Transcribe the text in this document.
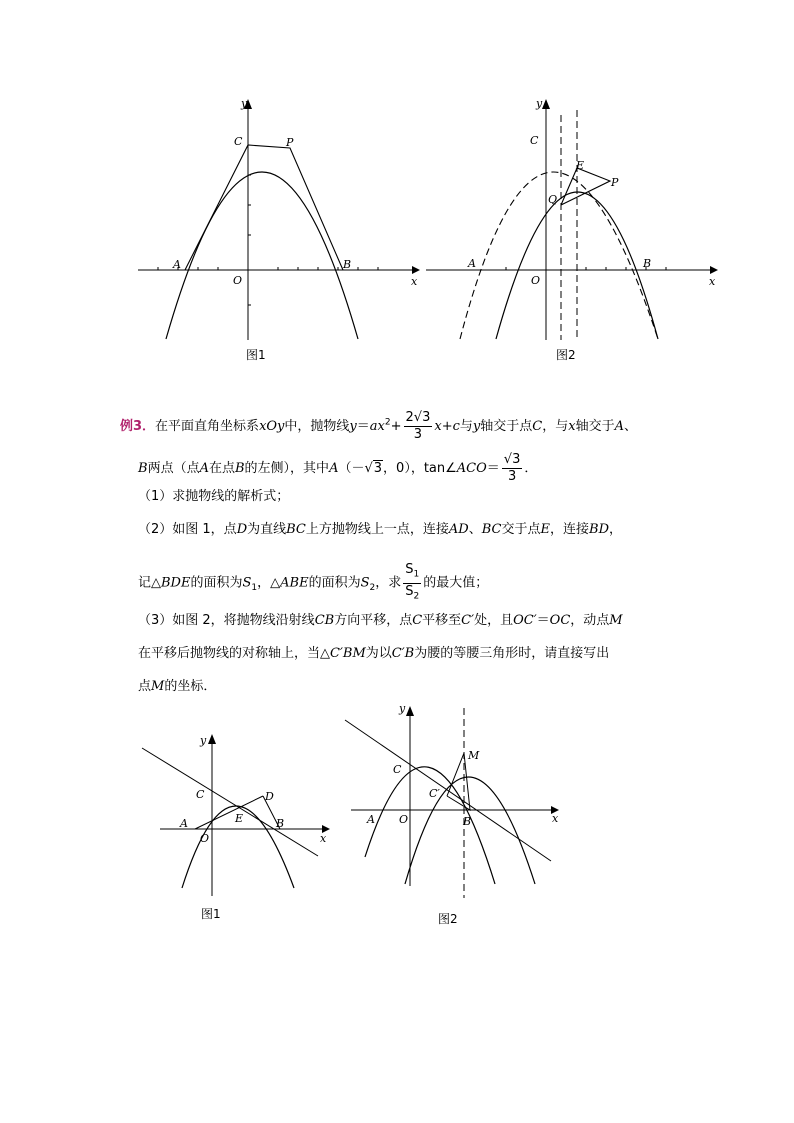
y
x
O
A	B
C	P
图1
y
x
O
A	B
C
E
P
Q
图2
例3．在平面直角坐标系xOy中，抛物线$y=ax^2+ \frac{2√3}{3} x+c$与y轴交于点C，与x轴交于A、
B两点（点A在点B的左侧），其中A（－√3，0），tan∠ACO＝ $\frac{√3}{3}$ ．
（1）求抛物线的解析式；
（2）如图 1，点D为直线BC上方抛物线上一点，连接AD、BC交于点E，连接BD，
记△BDE的面积为$S_1$，△ABE的面积为$S_2$，求 $\frac{S_1}{S_2}$ 的最大值；
（3）如图 2，将抛物线沿射线CB方向平移，点C平移至C′处，且OC′＝OC，动点M
在平移后抛物线的对称轴上，当△C′BM为以C′B为腰的等腰三角形时，请直接写出
点M的坐标．
y
x
O
A	B
C	D
E
图1
y
x
O
A	B
C
C′
M
图2
